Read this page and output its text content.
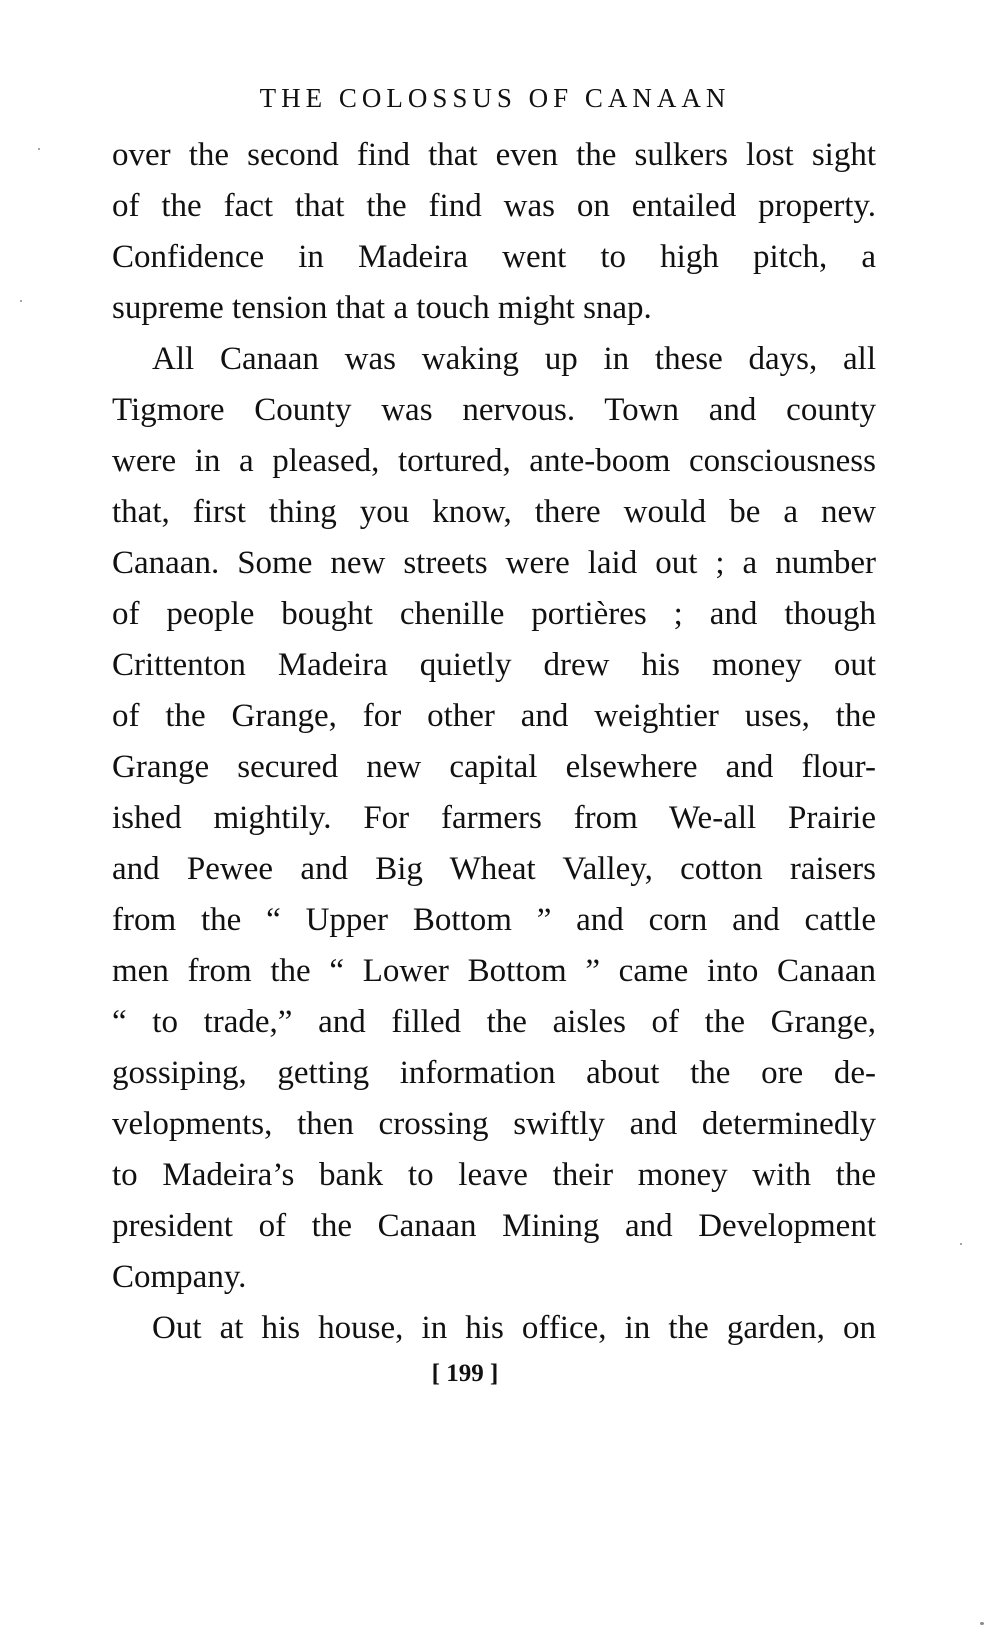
THE COLOSSUS OF CANAAN
over the second find that even the sulkers lost sight
of the fact that the find was on entailed property.
Confidence in Madeira went to high pitch, a
supreme tension that a touch might snap.
All Canaan was waking up in these days, all
Tigmore County was nervous. Town and county
were in a pleased, tortured, ante-boom consciousness
that, first thing you know, there would be a new
Canaan. Some new streets were laid out ; a number
of people bought chenille portières ; and though
Crittenton Madeira quietly drew his money out
of the Grange, for other and weightier uses, the
Grange secured new capital elsewhere and flour-
ished mightily. For farmers from We-all Prairie
and Pewee and Big Wheat Valley, cotton raisers
from the “ Upper Bottom ” and corn and cattle
men from the “ Lower Bottom ” came into Canaan
“ to trade,” and filled the aisles of the Grange,
gossiping, getting information about the ore de-
velopments, then crossing swiftly and determinedly
to Madeira’s bank to leave their money with the
president of the Canaan Mining and Development
Company.
Out at his house, in his office, in the garden, on
[ 199 ]
